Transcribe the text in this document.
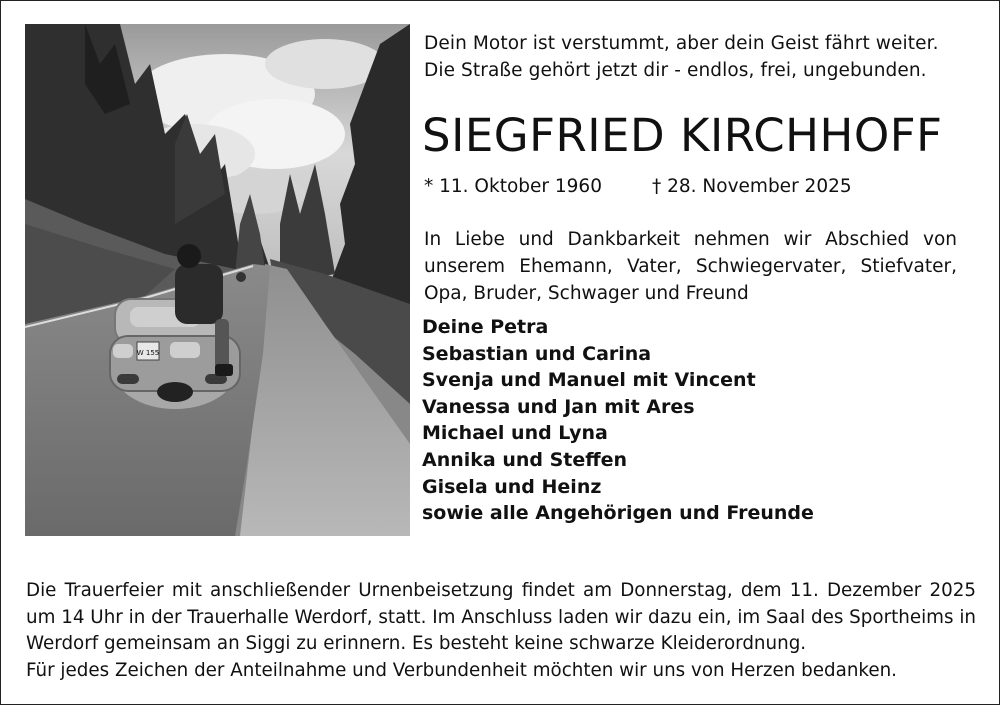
W 155
Dein Motor ist verstummt, aber dein Geist fährt weiter. Die Straße gehört jetzt dir - endlos, frei, ungebunden.
SIEGFRIED KIRCHHOFF
* 11. Oktober 1960	† 28. November 2025
In Liebe und Dankbarkeit nehmen wir Abschied von unserem Ehemann, Vater, Schwiegervater, Stiefvater, Opa, Bruder, Schwager und Freund
Deine Petra
Sebastian und Carina
Svenja und Manuel mit Vincent
Vanessa und Jan mit Ares
Michael und Lyna
Annika und Steffen
Gisela und Heinz
sowie alle Angehörigen und Freunde

Die Trauerfeier mit anschließender Urnenbeisetzung findet am Donnerstag, dem 11. Dezember 2025 um 14 Uhr in der Trauerhalle Werdorf, statt. Im Anschluss laden wir dazu ein, im Saal des Sportheims in Werdorf gemeinsam an Siggi zu erinnern. Es besteht keine schwarze Kleiderordnung.

Für jedes Zeichen der Anteilnahme und Verbundenheit möchten wir uns von Herzen bedanken.
